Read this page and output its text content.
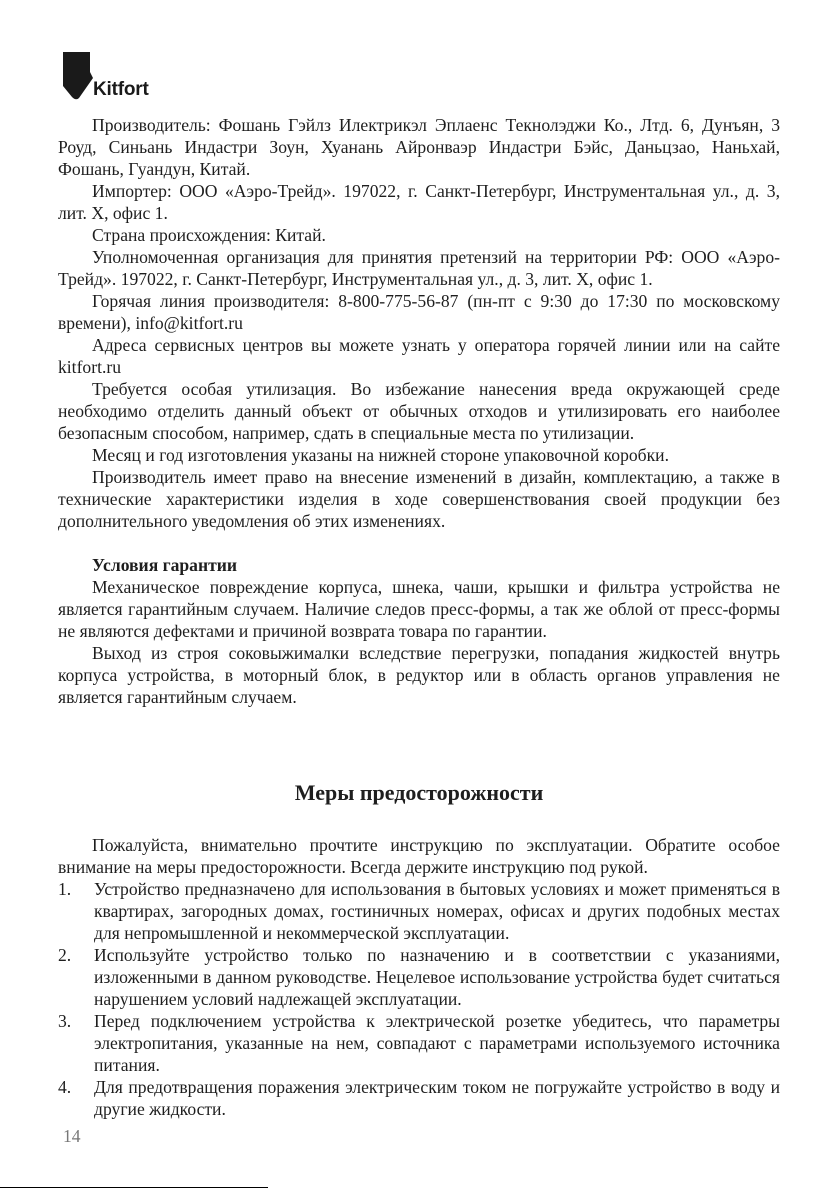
Kitfort

Производитель: Фошань Гэйлз Илектрикэл Эплаенс Текнолэджи Ко., Лтд. 6, Дунъян, 3 Роуд, Синьань Индастри Зоун, Хуанань Айронваэр Индастри Бэйс, Даньцзао, Наньхай, Фошань, Гуандун, Китай.

Импортер: ООО «Аэро-Трейд». 197022, г. Санкт-Петербург, Инструментальная ул., д. 3, лит. Х, офис 1.

Страна происхождения: Китай.

Уполномоченная организация для принятия претензий на территории РФ: ООО «Аэро-Трейд». 197022, г. Санкт-Петербург, Инструментальная ул., д. 3, лит. Х, офис 1.

Горячая линия производителя: 8-800-775-56-87 (пн-пт с 9:30 до 17:30 по московскому времени), info@kitfort.ru

Адреса сервисных центров вы можете узнать у оператора горячей линии или на сайте kitfort.ru

Требуется особая утилизация. Во избежание нанесения вреда окружающей среде необходимо отделить данный объект от обычных отходов и утилизировать его наиболее безопасным способом, например, сдать в специальные места по утилизации.

Месяц и год изготовления указаны на нижней стороне упаковочной коробки.

Производитель имеет право на внесение изменений в дизайн, комплектацию, а также в технические характеристики изделия в ходе совершенствования своей продукции без дополнительного уведомления об этих изменениях.

Условия гарантии

Механическое повреждение корпуса, шнека, чаши, крышки и фильтра устройства не является гарантийным случаем. Наличие следов пресс-формы, а так же облой от пресс-формы не являются дефектами и причиной возврата товара по гарантии.

Выход из строя соковыжималки вследствие перегрузки, попадания жидкостей внутрь корпуса устройства, в моторный блок, в редуктор или в область органов управления не является гарантийным случаем.

Меры предосторожности

Пожалуйста, внимательно прочтите инструкцию по эксплуатации. Обратите особое внимание на меры предосторожности. Всегда держите инструкцию под рукой.

1. Устройство предназначено для использования в бытовых условиях и может применяться в квартирах, загородных домах, гостиничных номерах, офисах и других подобных местах для непромышленной и некоммерческой эксплуатации.
2. Используйте устройство только по назначению и в соответствии с указаниями, изложенными в данном руководстве. Нецелевое использование устройства будет считаться нарушением условий надлежащей эксплуатации.
3. Перед подключением устройства к электрической розетке убедитесь, что параметры электропитания, указанные на нем, совпадают с параметрами используемого источника питания.
4. Для предотвращения поражения электрическим током не погружайте устройство в воду и другие жидкости.
14
